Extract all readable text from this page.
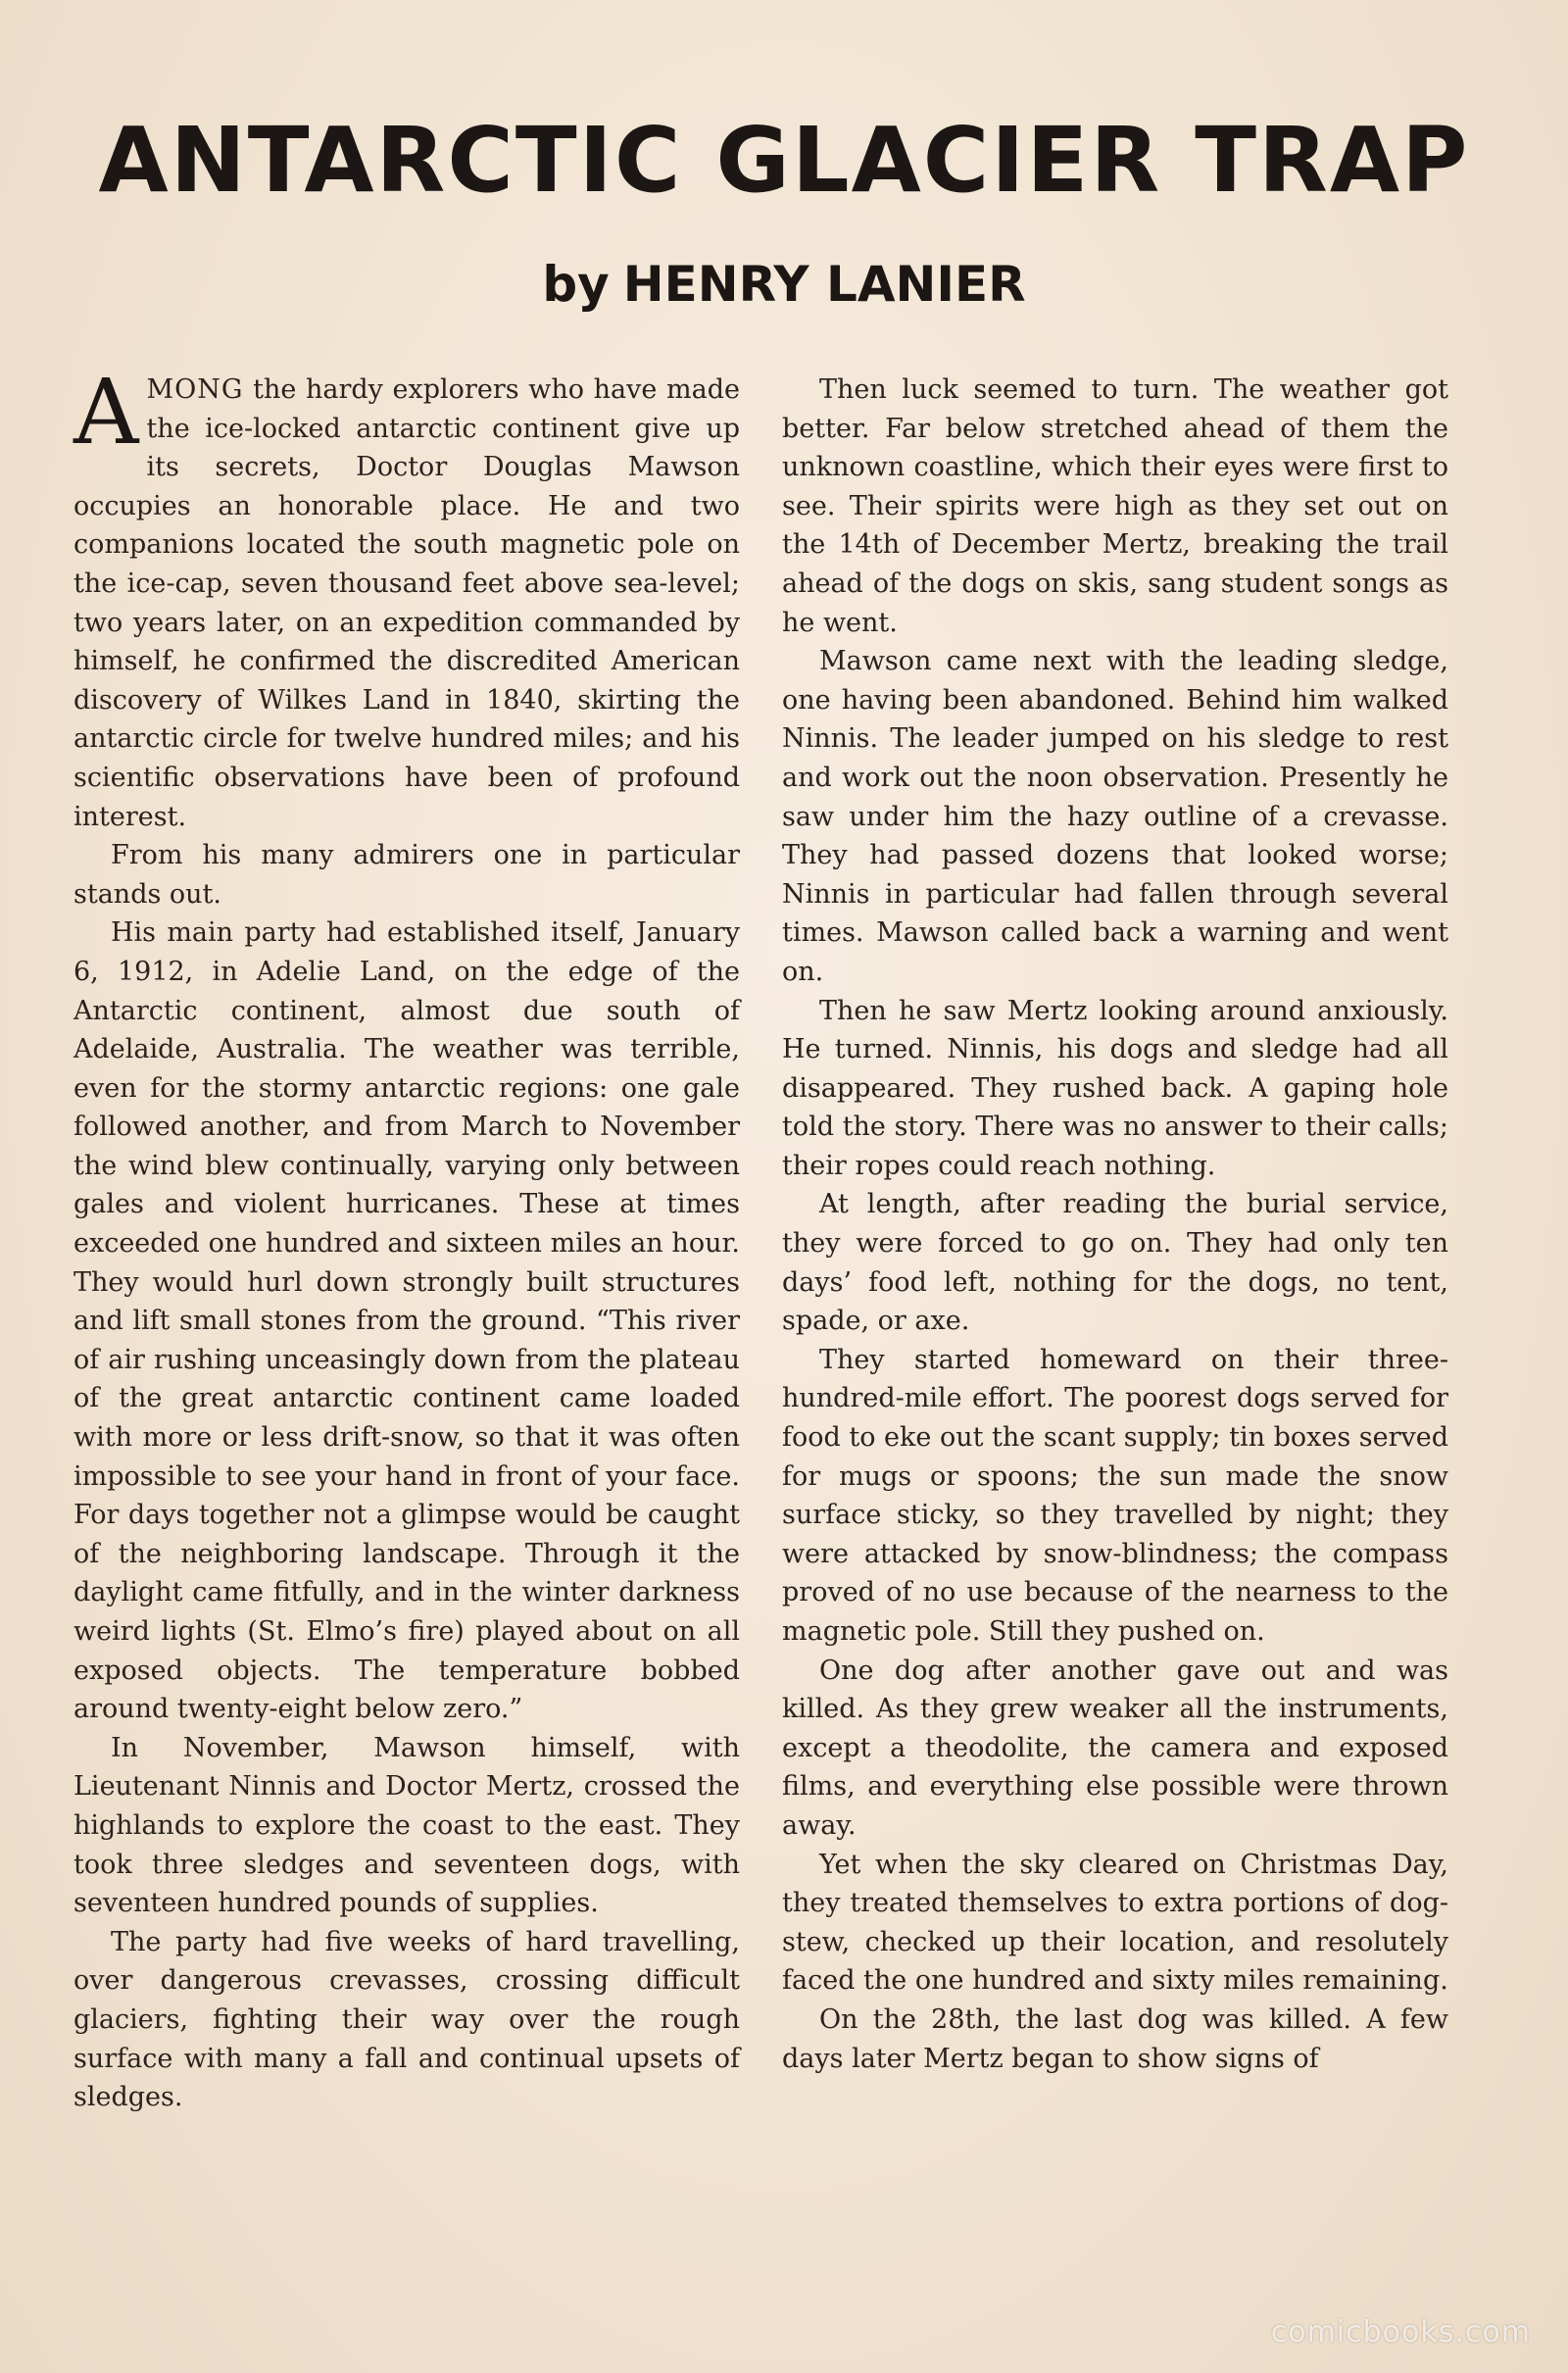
ANTARCTIC GLACIER TRAP
by HENRY LANIER

AMONG the hardy explorers who have made the ice-locked antarctic continent give up its secrets, Doctor Douglas Mawson occupies an honorable place. He and two companions located the south magnetic pole on the ice-cap, seven thousand feet above sea-level; two years later, on an expedition commanded by himself, he confirmed the discredited American discovery of Wilkes Land in 1840, skirting the antarctic circle for twelve hundred miles; and his scientific observations have been of profound interest.

From his many admirers one in particular stands out.

His main party had established itself, January 6, 1912, in Adelie Land, on the edge of the Antarctic continent, almost due south of Adelaide, Australia. The weather was terrible, even for the stormy antarctic regions: one gale followed another, and from March to November the wind blew continually, varying only between gales and violent hurricanes. These at times exceeded one hundred and sixteen miles an hour. They would hurl down strongly built structures and lift small stones from the ground. “This river of air rushing unceasingly down from the plateau of the great antarctic continent came loaded with more or less drift-snow, so that it was often impossible to see your hand in front of your face. For days together not a glimpse would be caught of the neighboring landscape. Through it the daylight came fitfully, and in the winter darkness weird lights (St. Elmo’s fire) played about on all exposed objects. The temperature bobbed around twenty-eight below zero.”

In November, Mawson himself, with Lieutenant Ninnis and Doctor Mertz, crossed the highlands to explore the coast to the east. They took three sledges and seventeen dogs, with seventeen hundred pounds of supplies.

The party had five weeks of hard travelling, over dangerous crevasses, crossing difficult glaciers, fighting their way over the rough surface with many a fall and continual upsets of sledges.

Then luck seemed to turn. The weather got better. Far below stretched ahead of them the unknown coastline, which their eyes were first to see. Their spirits were high as they set out on the 14th of December Mertz, breaking the trail ahead of the dogs on skis, sang student songs as he went.

Mawson came next with the leading sledge, one having been abandoned. Behind him walked Ninnis. The leader jumped on his sledge to rest and work out the noon observation. Presently he saw under him the hazy outline of a crevasse. They had passed dozens that looked worse; Ninnis in particular had fallen through several times. Mawson called back a warning and went on.

Then he saw Mertz looking around anxiously. He turned. Ninnis, his dogs and sledge had all disappeared. They rushed back. A gaping hole told the story. There was no answer to their calls; their ropes could reach nothing.

At length, after reading the burial service, they were forced to go on. They had only ten days’ food left, nothing for the dogs, no tent, spade, or axe.

They started homeward on their three-hundred-mile effort. The poorest dogs served for food to eke out the scant supply; tin boxes served for mugs or spoons; the sun made the snow surface sticky, so they travelled by night; they were attacked by snow-blindness; the compass proved of no use because of the nearness to the magnetic pole. Still they pushed on.

One dog after another gave out and was killed. As they grew weaker all the instruments, except a theodolite, the camera and exposed films, and everything else possible were thrown away.

Yet when the sky cleared on Christmas Day, they treated themselves to extra portions of dog-stew, checked up their location, and resolutely faced the one hundred and sixty miles remaining.

On the 28th, the last dog was killed. A few days later Mertz began to show signs of

comicbooks.com
